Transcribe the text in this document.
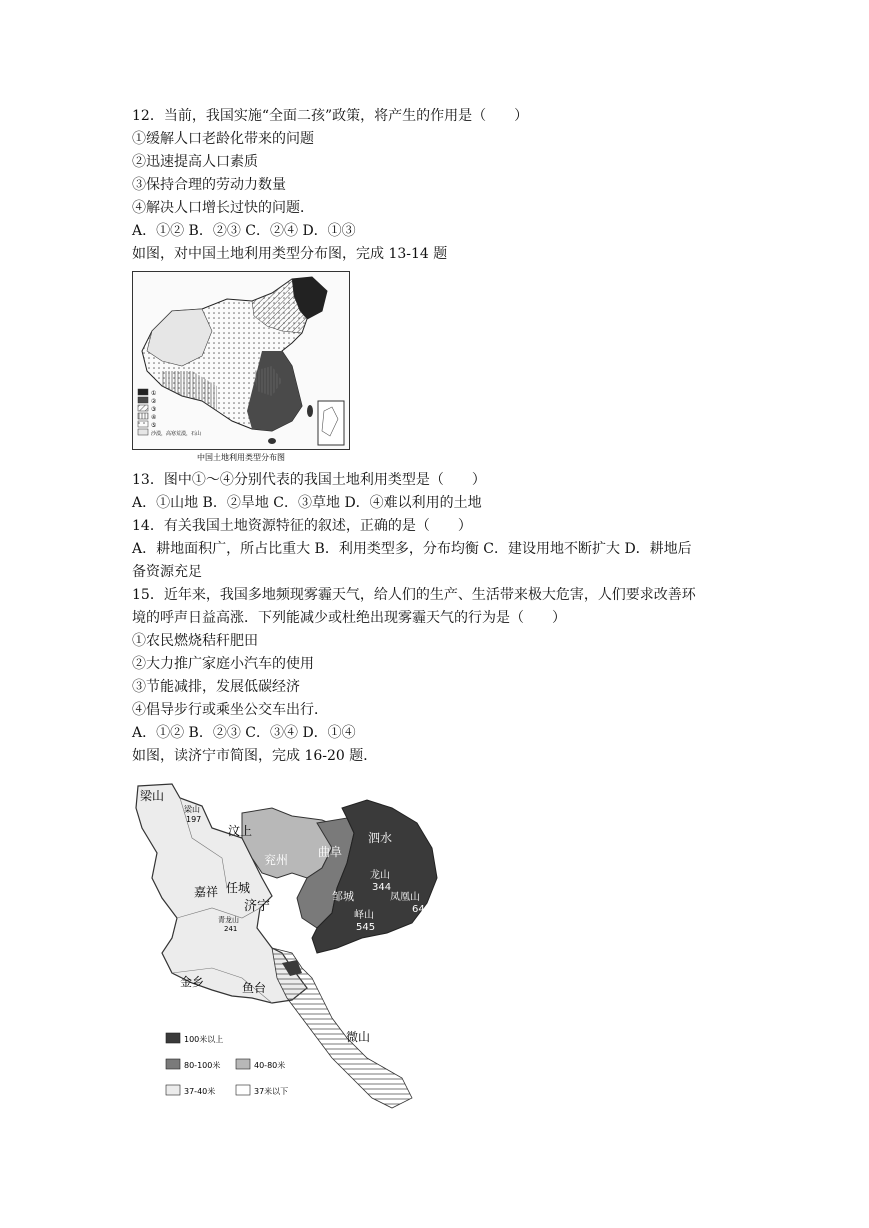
12．当前，我国实施“全面二孩”政策，将产生的作用是（　　）
①缓解人口老龄化带来的问题
②迅速提高人口素质
③保持合理的劳动力数量
④解决人口增长过快的问题．
A．①② B．②③ C．②④ D．①③
如图，对中国土地利用类型分布图，完成 13-14 题
①
②
③
④
⑤
沙漠，高寒荒漠，石山
中国土地利用类型分布图
13．图中①～④分别代表的我国土地利用类型是（　　）
A．①山地 B．②旱地 C．③草地 D．④难以利用的土地
14．有关我国土地资源特征的叙述，正确的是（　　）
A．耕地面积广，所占比重大 B．利用类型多，分布均衡 C．建设用地不断扩大 D．耕地后
备资源充足
15．近年来，我国多地频现雾霾天气，给人们的生产、生活带来极大危害，人们要求改善环
境的呼声日益高涨．下列能减少或杜绝出现雾霾天气的行为是（　　）
①农民燃烧秸秆肥田
②大力推广家庭小汽车的使用
③节能减排，发展低碳经济
④倡导步行或乘坐公交车出行．
A．①② B．②③ C．③④ D．①④
如图，读济宁市简图，完成 16-20 题．
梁山
汶上
兖州
曲阜
泗水
嘉祥 任城
济宁
邹城
金乡	鱼台
微山
龙山
344
凤凰山
648
峄山
545
梁山
197
青龙山
241
100米以上
80-100米	40-80米
37-40米	37米以下
